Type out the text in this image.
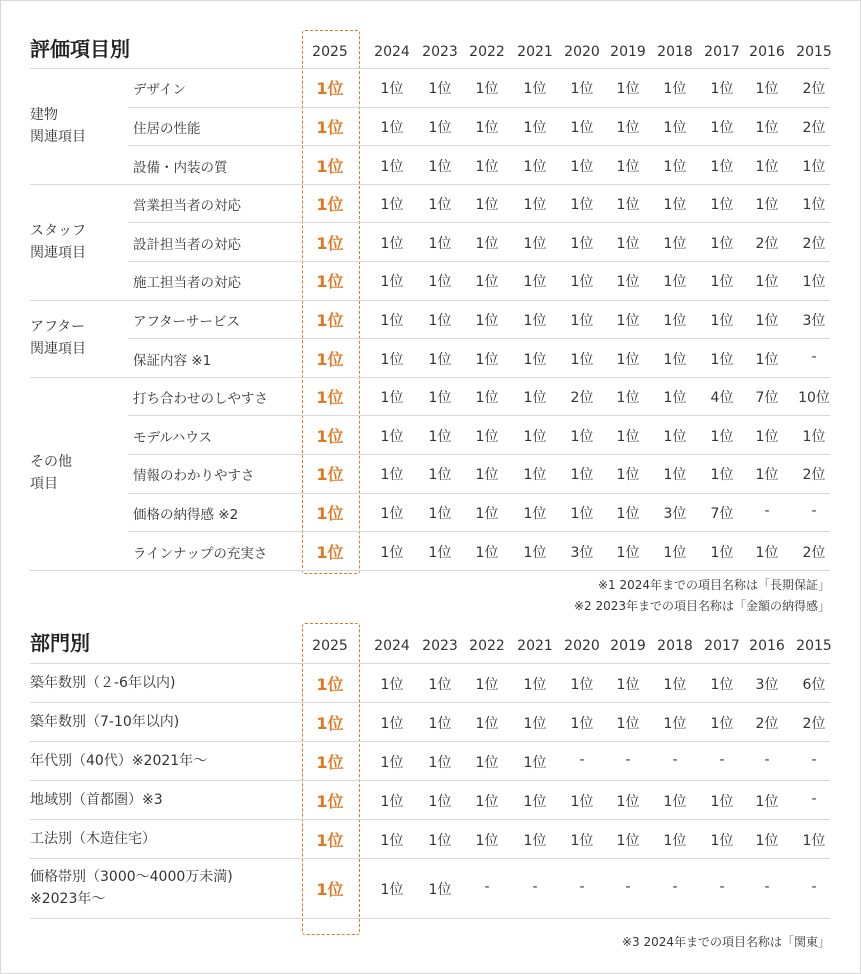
評価項目別
部門別
2025	2024 2023 2022 2021 2020 2019 2018 2017 2016 2015
2025	2024 2023 2022 2021 2020 2019 2018 2017 2016 2015
建物
関連項目
デザイン	1位	1位	1位	1位	1位	1位	1位	1位	1位	1位	2位
住居の性能	1位	1位	1位	1位	1位	1位	1位	1位	1位	1位	2位
設備・内装の質	1位	1位	1位	1位	1位	1位	1位	1位	1位	1位	1位
スタッフ
関連項目
営業担当者の対応	1位	1位	1位	1位	1位	1位	1位	1位	1位	1位	1位
設計担当者の対応	1位	1位	1位	1位	1位	1位	1位	1位	1位	2位	2位
施工担当者の対応	1位	1位	1位	1位	1位	1位	1位	1位	1位	1位	1位
アフター
関連項目
アフターサービス	1位	1位	1位	1位	1位	1位	1位	1位	1位	1位	3位
保証内容 ※1	1位	1位	1位	1位	1位	1位	1位	1位	1位	1位	-
その他
項目
打ち合わせのしやすさ	1位	1位	1位	1位	1位	2位	1位	1位	4位	7位	10位
モデルハウス	1位	1位	1位	1位	1位	1位	1位	1位	1位	1位	1位
情報のわかりやすさ	1位	1位	1位	1位	1位	1位	1位	1位	1位	1位	2位
価格の納得感 ※2	1位	1位	1位	1位	1位	1位	1位	3位	7位	-	-
ラインナップの充実さ	1位	1位	1位	1位	1位	3位	1位	1位	1位	1位	2位
※1 2024年までの項目名称は「長期保証」
※2 2023年までの項目名称は「金額の納得感」
築年数別（２-6年以内)	1位	1位	1位	1位	1位	1位	1位	1位	1位	3位	6位
築年数別（7-10年以内)	1位	1位	1位	1位	1位	1位	1位	1位	1位	2位	2位
年代別（40代）※2021年〜	1位	1位	1位	1位	1位	-	-	-	-	-	-
地域別（首都圏）※3	1位	1位	1位	1位	1位	1位	1位	1位	1位	1位	-
工法別（木造住宅）	1位	1位	1位	1位	1位	1位	1位	1位	1位	1位	1位
価格帯別（3000〜4000万未満)
※2023年〜	1位	1位	1位	-	-	-	-	-	-	-	-
※3 2024年までの項目名称は「関東」
